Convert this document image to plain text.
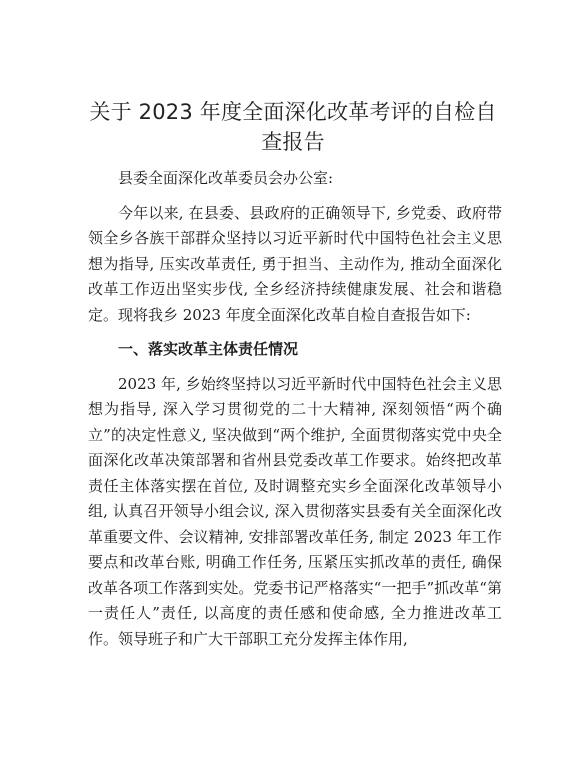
关于 2023 年度全面深化改革考评的自检自查报告

县委全面深化改革委员会办公室:

今年以来, 在县委、县政府的正确领导下, 乡党委、政府带领全乡各族干部群众坚持以习近平新时代中国特色社会主义思想为指导, 压实改革责任, 勇于担当、主动作为, 推动全面深化改革工作迈出坚实步伐, 全乡经济持续健康发展、社会和谐稳定。现将我乡 2023 年度全面深化改革自检自查报告如下:

一、落实改革主体责任情况

2023 年, 乡始终坚持以习近平新时代中国特色社会主义思想为指导, 深入学习贯彻党的二十大精神, 深刻领悟“两个确立”的决定性意义, 坚决做到“两个维护, 全面贯彻落实党中央全面深化改革决策部署和省州县党委改革工作要求。始终把改革责任主体落实摆在首位, 及时调整充实乡全面深化改革领导小组, 认真召开领导小组会议, 深入贯彻落实县委有关全面深化改革重要文件、会议精神, 安排部署改革任务, 制定 2023 年工作要点和改革台账, 明确工作任务, 压紧压实抓改革的责任, 确保改革各项工作落到实处。党委书记严格落实“一把手”抓改革“第一责任人”责任, 以高度的责任感和使命感, 全力推进改革工作。领导班子和广大干部职工充分发挥主体作用,
